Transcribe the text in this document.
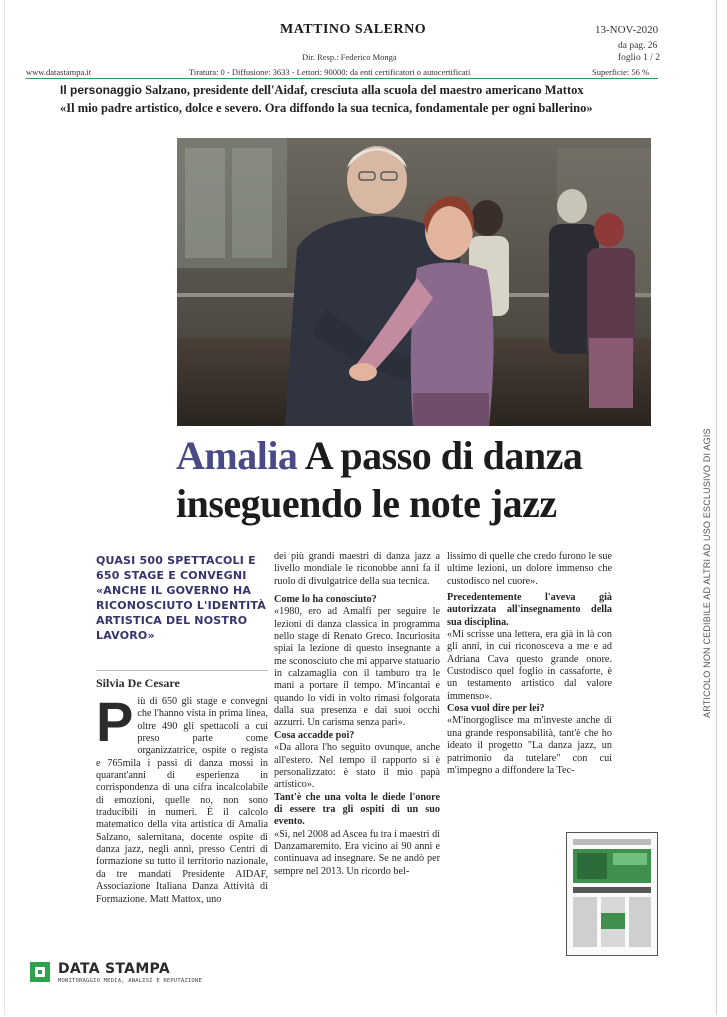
MATTINO SALERNO	13-NOV-2020
da pag. 26
foglio 1 / 2
Dir. Resp.: Federico Monga
www.datastampa.it	Tiratura: 0 - Diffusione: 3633 - Lettori: 90000: da enti certificatori o autocertificati	Superficie: 56 %
Il personaggio Salzano, presidente dell'Aidaf, cresciuta alla scuola del maestro americano Mattox
«Il mio padre artistico, dolce e severo. Ora diffondo la sua tecnica, fondamentale per ogni ballerino»
Amalia A passo di danza
inseguendo le note jazz
QUASI 500 SPETTACOLI E 650 STAGE E CONVEGNI «ANCHE IL GOVERNO HA RICONOSCIUTO L'IDENTITÀ ARTISTICA DEL NOSTRO LAVORO»
Silvia De Cesare

Più di 650 gli stage e convegni che l'hanno vista in prima linea, oltre 490 gli spettacoli a cui preso parte come organizzatrice, ospite o regista e 765mila i passi di danza mossi in quarant'anni di esperienza in corrispondenza di una cifra incalcolabile di emozioni, quelle no, non sono traducibili in numeri. È il calcolo matematico della vita artistica di Amalia Salzano, salernitana, docente ospite di danza jazz, negli anni, presso Centri di formazione su tutto il territorio nazionale, da tre mandati Presidente AIDAF, Associazione Italiana Danza Attività di Formazione. Matt Mattox, uno

dei più grandi maestri di danza jazz a livello mondiale le riconobbe anni fa il ruolo di divulgatrice della sua tecnica.

Come lo ha conosciuto?

«1980, ero ad Amalfi per seguire le lezioni di danza classica in programma nello stage di Renato Greco. Incuriosita spiai la lezione di questo insegnante a me sconosciuto che mi apparve statuario in calzamaglia con il tamburo tra le mani a portare il tempo. M'incantai e quando lo vidi in volto rimasi folgorata dalla sua presenza e dai suoi occhi azzurri. Un carisma senza pari».

Cosa accadde poi?

«Da allora l'ho seguito ovunque, anche all'estero. Nel tempo il rapporto si è personalizzato: è stato il mio papà artistico».

Tant'è che una volta le diede l'onore di essere tra gli ospiti di un suo evento.

«Sì, nel 2008 ad Ascea fu tra i maestri di Danzamaremito. Era vicino ai 90 anni e continuava ad insegnare. Se ne andò per sempre nel 2013. Un ricordo bel-

lissimo di quelle che credo furono le sue ultime lezioni, un dolore immenso che custodisco nel cuore».

Precedentemente l'aveva già autorizzata all'insegnamento della sua disciplina.

«Mi scrisse una lettera, era già in là con gli anni, in cui riconosceva a me e ad Adriana Cava questo grande onore. Custodisco quel foglio in cassaforte, è un testamento artistico dal valore immenso».

Cosa vuol dire per lei?

«M'inorgoglisce ma m'investe anche di una grande responsabilità, tant'è che ho ideato il progetto "La danza jazz, un patrimonio da tutelare" con cui m'impegno a diffondere la Tec-

DATA STAMPA
MONITORAGGIO MEDIA, ANALISI E REPUTAZIONE
ARTICOLO NON CEDIBILE AD ALTRI AD USO ESCLUSIVO DI AGIS
